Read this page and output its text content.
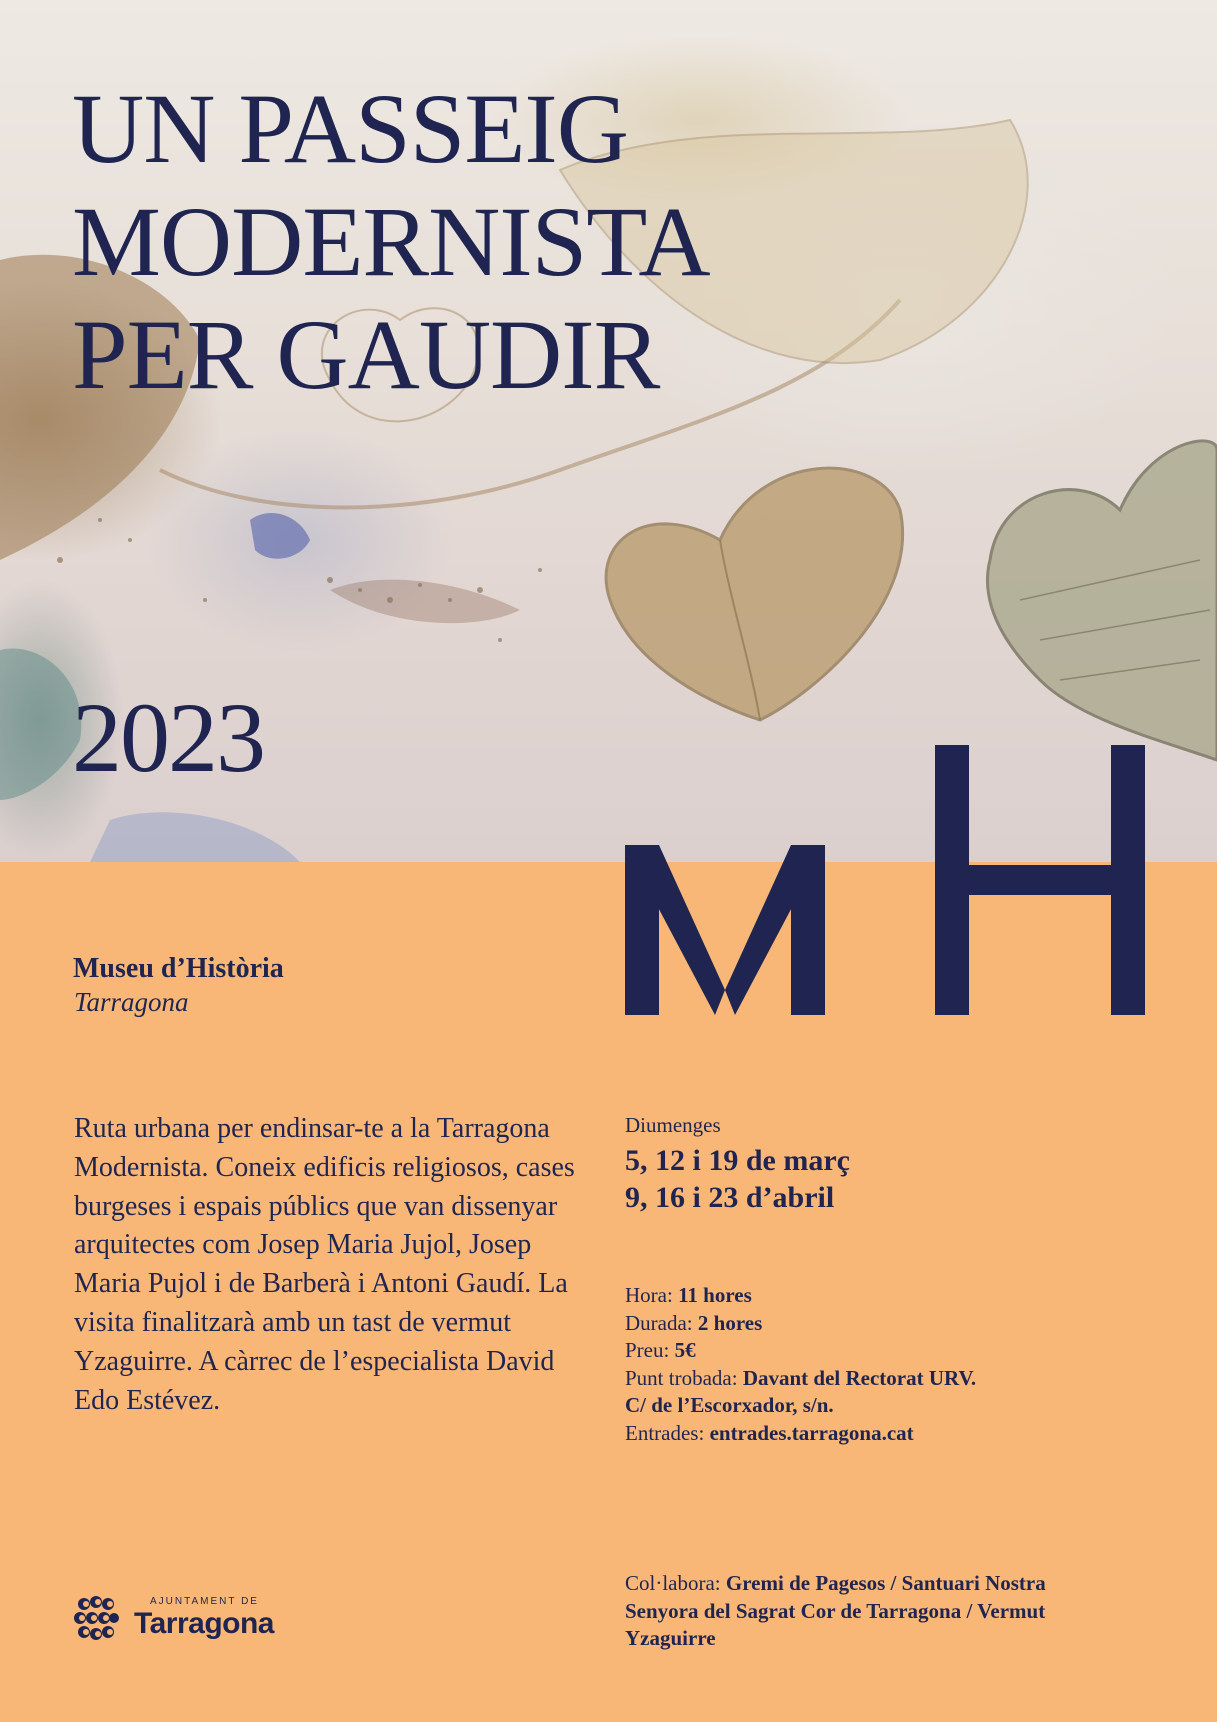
UN PASSEIG
MODERNISTA
PER GAUDIR
2023
Museu d’Història
Tarragona
Ruta urbana per endinsar-te a la Tarragona Modernista. Coneix edificis religiosos, cases burgeses i espais públics que van dissenyar arquitectes com Josep Maria Jujol, Josep Maria Pujol i de Barberà i Antoni Gaudí. La visita finalitzarà amb un tast de vermut Yzaguirre. A càrrec de l’especialista David Edo Estévez.
Diumenges
5, 12 i 19 de març
9, 16 i 23 d’abril
Hora: 11 hores
Durada: 2 hores
Preu: 5€
Punt trobada: Davant del Rectorat URV.
C/ de l’Escorxador, s/n.
Entrades: entrades.tarragona.cat
Col·labora: Gremi de Pagesos / Santuari Nostra Senyora del Sagrat Cor de Tarragona / Vermut Yzaguirre
AJUNTAMENT DE
Tarragona
